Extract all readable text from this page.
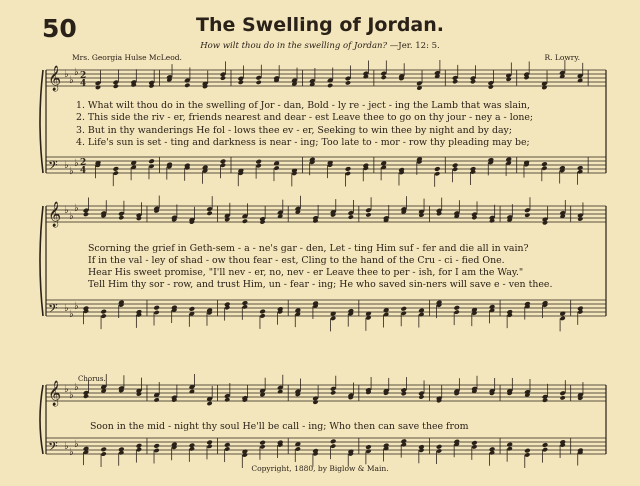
𝄞 ♭
♭
♭
𝄢 ♭
♭
♭
2
4
2
4
𝄞 ♭
♭
♭
𝄢 ♭
♭
♭
𝄞 ♭
♭
♭
𝄢 ♭
♭
♭
50	The Swelling of Jordan.
How wilt thou do in the swelling of Jordan? —Jer. 12: 5.
Mrs. Georgia Hulse McLeod.	R. Lowry.
1. What wilt thou do in the swelling of Jor - dan, Bold - ly re - ject - ing the Lamb that was slain,
2. This side the riv - er, friends nearest and dear - est Leave thee to go on thy jour - ney a - lone;
3. But in thy wanderings He fol - lows thee ev - er, Seeking to win thee by night and by day;
4. Life's sun is set - ting and darkness is near - ing; Too late to - mor - row thy pleading may be;
Scorning the grief in Geth-sem - a - ne's gar - den, Let - ting Him suf - fer and die all in vain?
If in the val - ley of shad - ow thou fear - est, Cling to the hand of the Cru - ci - fied One.
Hear His sweet promise, "I'll nev - er, no, nev - er Leave thee to per - ish, for I am the Way."
Tell Him thy sor - row, and trust Him, un - fear - ing; He who saved sin-ners will save e - ven thee.
Chorus.
Soon in the mid - night thy soul He'll be call - ing; Who then can save thee from
Copyright, 1880, by Biglow & Main.
